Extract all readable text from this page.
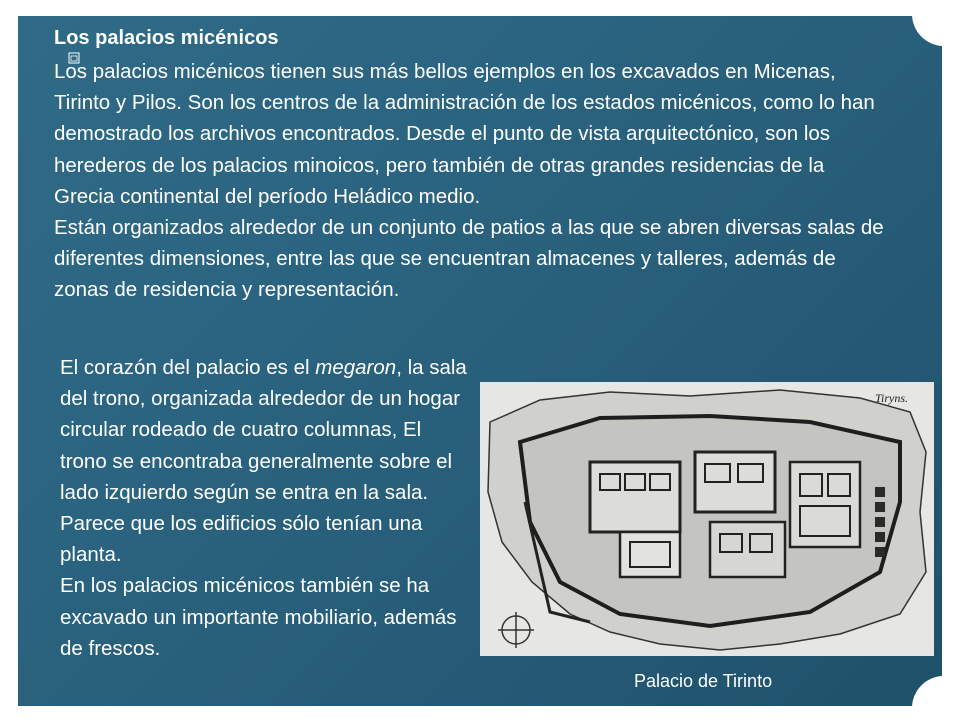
Los palacios micénicos

Los palacios micénicos tienen sus más bellos ejemplos en los excavados en Micenas, Tirinto y Pilos. Son los centros de la administración de los estados micénicos, como lo han demostrado los archivos encontrados. Desde el punto de vista arquitectónico, son los herederos de los palacios minoicos, pero también de otras grandes residencias de la Grecia continental del período Heládico medio.

Están organizados alrededor de un conjunto de patios a las que se abren diversas salas de diferentes dimensiones, entre las que se encuentran almacenes y talleres, además de zonas de residencia y representación.

El corazón del palacio es el megaron, la sala del trono, organizada alrededor de un hogar circular rodeado de cuatro columnas, El trono se encontraba generalmente sobre el lado izquierdo según se entra en la sala. Parece que los edificios sólo tenían una planta.

En los palacios micénicos también se ha excavado un importante mobiliario, además de frescos.

Tiryns.
Palacio de Tirinto
